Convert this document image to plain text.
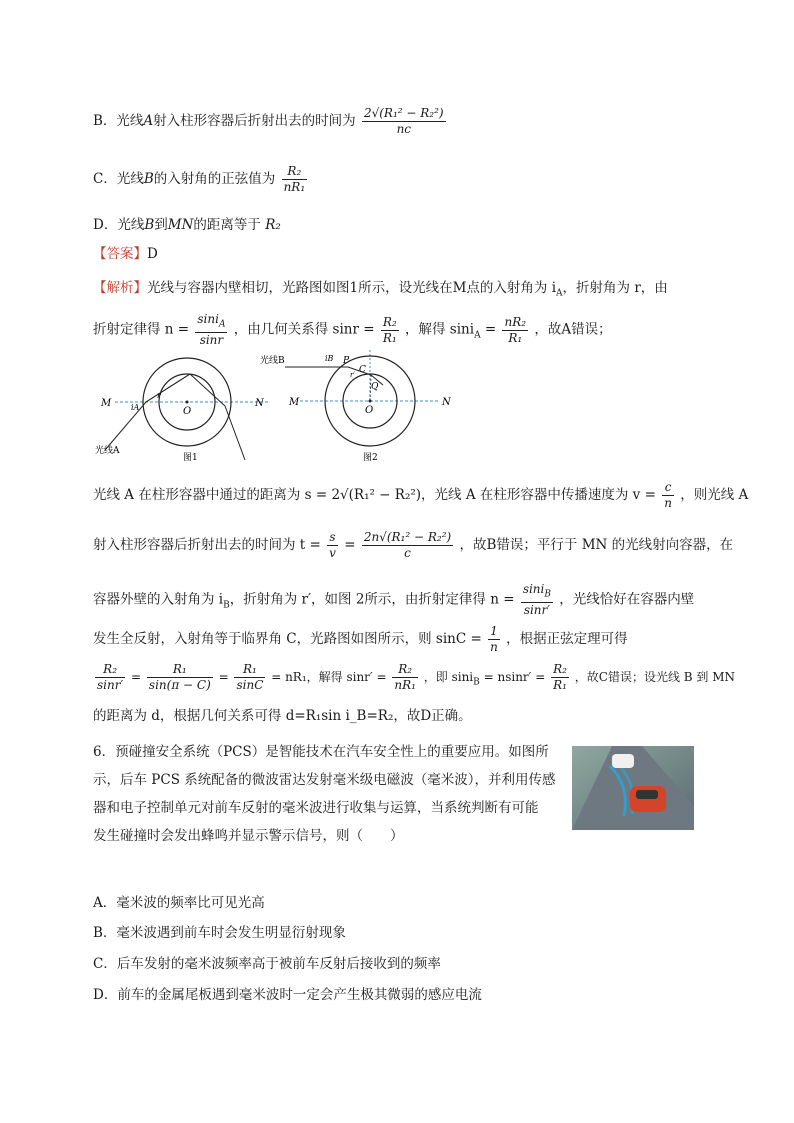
B．光线A射入柱形容器后折射出去的时间为 $\frac{\text{2√(R₁² − R₂²)}}{nc}$
C．光线B的入射角的正弦值为 $\frac{\text{R₂}}{\text{nR₁}}$
D．光线B到MN的距离等于 R₂
【答案】D
【解析】光线与容器内壁相切，光路图如图1所示，设光线在M点的入射角为 $i_A$，折射角为 r，由
折射定律得 $n = \frac{\sin i_A}{\sin r}$ ，由几何关系得 $\sin r = \frac{\text{R₂}}{\text{R₁}}$ ，解得 $\sin i_A = \frac{\text{nR₂}}{\text{R₁}}$ ，故A错误；
M	N
O
iA
r
光线A
图1
光线B	iB P
C
Q
r′
M	N
O
图2
光线 A 在柱形容器中通过的距离为 s = 2√(R₁² − R₂²)，光线 A 在柱形容器中传播速度为 $v = \frac{c}{n}$ ，则光线 A
射入柱形容器后折射出去的时间为 $t = \frac{s}{v} = \frac{\text{2n√(R₁² − R₂²)}}{c}$ ，故B错误；平行于 MN 的光线射向容器，在
容器外壁的入射角为 $i_B$，折射角为 r′，如图 2所示，由折射定律得 $n = \frac{\sin i_B}{\sin r'}$ ，光线恰好在容器内壁
发生全反射，入射角等于临界角 C，光路图如图所示，则 $\sin C = \frac{1}{n}$ ，根据正弦定理可得
$\frac{\text{R₂}}{\sin r'} = \frac{\text{R₁}}{\sin(\pi - C)} = \frac{\text{R₁}}{\sin C} = nR_1$，解得 $\sin r' = \frac{\text{R₂}}{\text{nR₁}}$ ，即 $\sin i_B = nsinr' = \frac{\text{R₂}}{\text{R₁}}$ ，故C错误；设光线 B 到 MN
的距离为 d，根据几何关系可得 d=R₁sin i_B=R₂，故D正确。
6．预碰撞安全系统（PCS）是智能技术在汽车安全性上的重要应用。如图所
示，后车 PCS 系统配备的微波雷达发射毫米级电磁波（毫米波），并利用传感
器和电子控制单元对前车反射的毫米波进行收集与运算，当系统判断有可能
发生碰撞时会发出蜂鸣并显示警示信号，则（　　）
A．毫米波的频率比可见光高
B．毫米波遇到前车时会发生明显衍射现象
C．后车发射的毫米波频率高于被前车反射后接收到的频率
D．前车的金属尾板遇到毫米波时一定会产生极其微弱的感应电流
